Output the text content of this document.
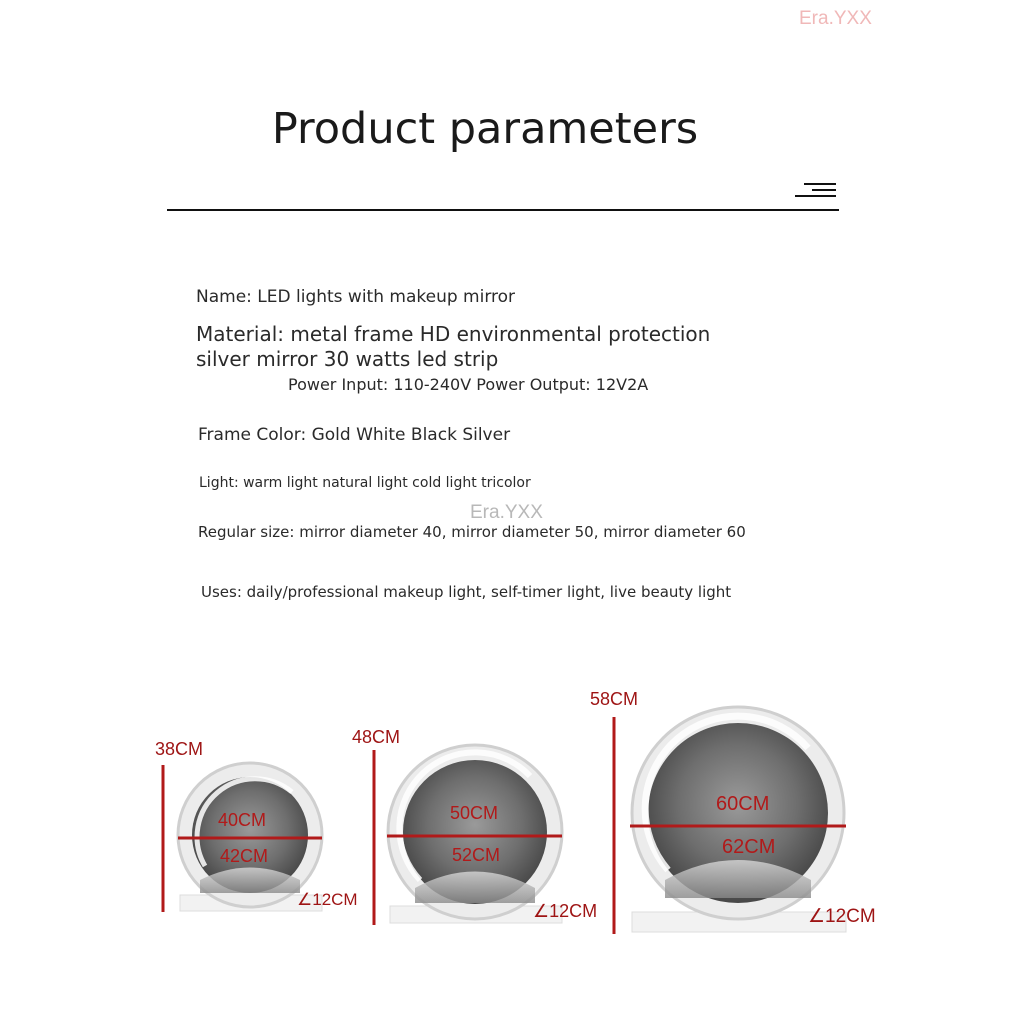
Era.YXX
Era.YXX
Product parameters
Name: LED lights with makeup mirror
Material: metal frame HD environmental protection
silver mirror 30 watts led strip
Power Input: 110-240V Power Output: 12V2A
Frame Color: Gold White Black Silver
Light: warm light natural light cold light tricolor
Regular size: mirror diameter 40, mirror diameter 50, mirror diameter 60
Uses: daily/professional makeup light, self-timer light, live beauty light
38CM
40CM
42CM
∠12CM
48CM
50CM
52CM
∠12CM
58CM
60CM
62CM
∠12CM
